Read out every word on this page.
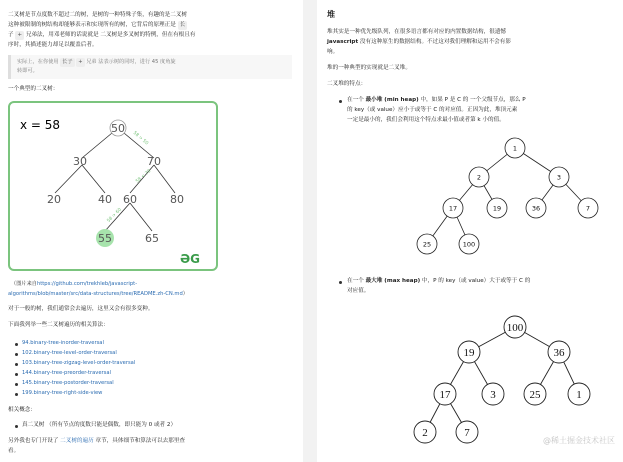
二叉树是节点度数不超过二的树，是树的一种特殊子集，有趣的是二叉树
这种被限制的树结构却能够表示和实现所有的树，它背后的原理正是 长
子 + 兄弟法，用邓老师的话说就是 二叉树是多叉树的特例，但在有根且有
序时，其描述能力却足以覆盖后者。
实际上，在你使用 长子 + 兄弟 法表示树的同时，进行 45 度角旋
转即可。
一个典型的二叉树：
x = 58	50
30	70
20	40 60	80
55	65
58 > 50
58 < 70
58 > 60
ƏG
（图片来自https://github.com/trekhleb/javascript-
algorithms/blob/master/src/data-structures/tree/README.zh-CN.md）
对于一般的树，我们通常会去遍历，这里又会有很多变种。
下面我列举一些二叉树遍历的相关算法：
94.binary-tree-inorder-traversal
102.binary-tree-level-order-traversal
103.binary-tree-zigzag-level-order-traversal
144.binary-tree-preorder-traversal
145.binary-tree-postorder-traversal
199.binary-tree-right-side-view
相关概念：
真二叉树 （所有节点的度数只能是偶数，即只能为 0 或者 2）
另外我也专门开设了 二叉树的遍历 章节，具体细节和算法可以去那里查
看。
堆
堆其实是一种优先级队列，在很多语言都有对应的内置数据结构，很遗憾
javascript 没有这种原生的数据结构。不过这对我们理解和运用不会有影
响。
堆的一种典型的实现就是二叉堆。
二叉堆的特点：
在一个 最小堆 (min heap) 中，如果 P 是 C 的 一个父级节点，那么 P
的 key（或 value）应小于或等于 C 的对应值。正因为此，堆顶元素
一定是最小的，我们会利用这个特点求最小值或者第 k 小的值。
1
2	3
17	19	36	7
25	100
在一个 最大堆 (max heap) 中，P 的 key（或 value）大于或等于 C 的
对应值。
100
19	36
17	3	25	1
2	7
@稀土掘金技术社区
